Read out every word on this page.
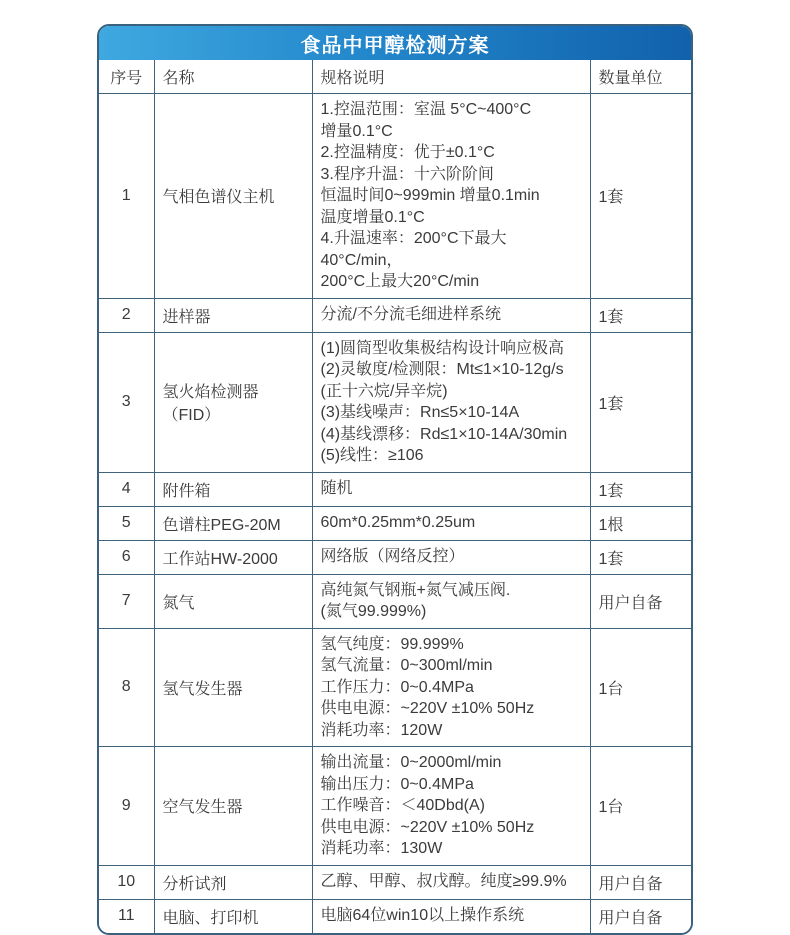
食品中甲醇检测方案
序号	名称	规格说明	数量单位
1	气相色谱仪主机	
1.控温范围：室温 5°C~400°C
增量0.1°C
2.控温精度：优于±0.1°C
3.程序升温：十六阶阶间
恒温时间0~999min 增量0.1min
温度增量0.1°C
4.升温速率：200°C下最大40°C/min，
200°C上最大20°C/min
	1套
2	进样器	分流/不分流毛细进样系统	1套
3	氢火焰检测器（FID）	
(1)圆筒型收集极结构设计响应极高
(2)灵敏度/检测限：Mt≤1×10-12g/s
(正十六烷/异辛烷)
(3)基线噪声：Rn≤5×10-14A
(4)基线漂移：Rd≤1×10-14A/30min
(5)线性：≥106
	1套
4	附件箱	随机	1套
5	色谱柱PEG-20M	60m*0.25mm*0.25um	1根
6	工作站HW-2000	网络版（网络反控）	1套
7	氮气	高纯氮气钢瓶+氮气减压阀.
(氮气99.999%)	用户自备
8	氢气发生器	氢气纯度：99.999%
氢气流量：0~300ml/min
工作压力：0~0.4MPa
供电电源：~220V ±10% 50Hz
消耗功率：120W	1台
9	空气发生器	输出流量：0~2000ml/min
输出压力：0~0.4MPa
工作噪音：＜40Dbd(A)
供电电源：~220V ±10% 50Hz
消耗功率：130W	1台
10	分析试剂	乙醇、甲醇、叔戊醇。纯度≥99.9%	用户自备
11	电脑、打印机	电脑64位win10以上操作系统	用户自备
